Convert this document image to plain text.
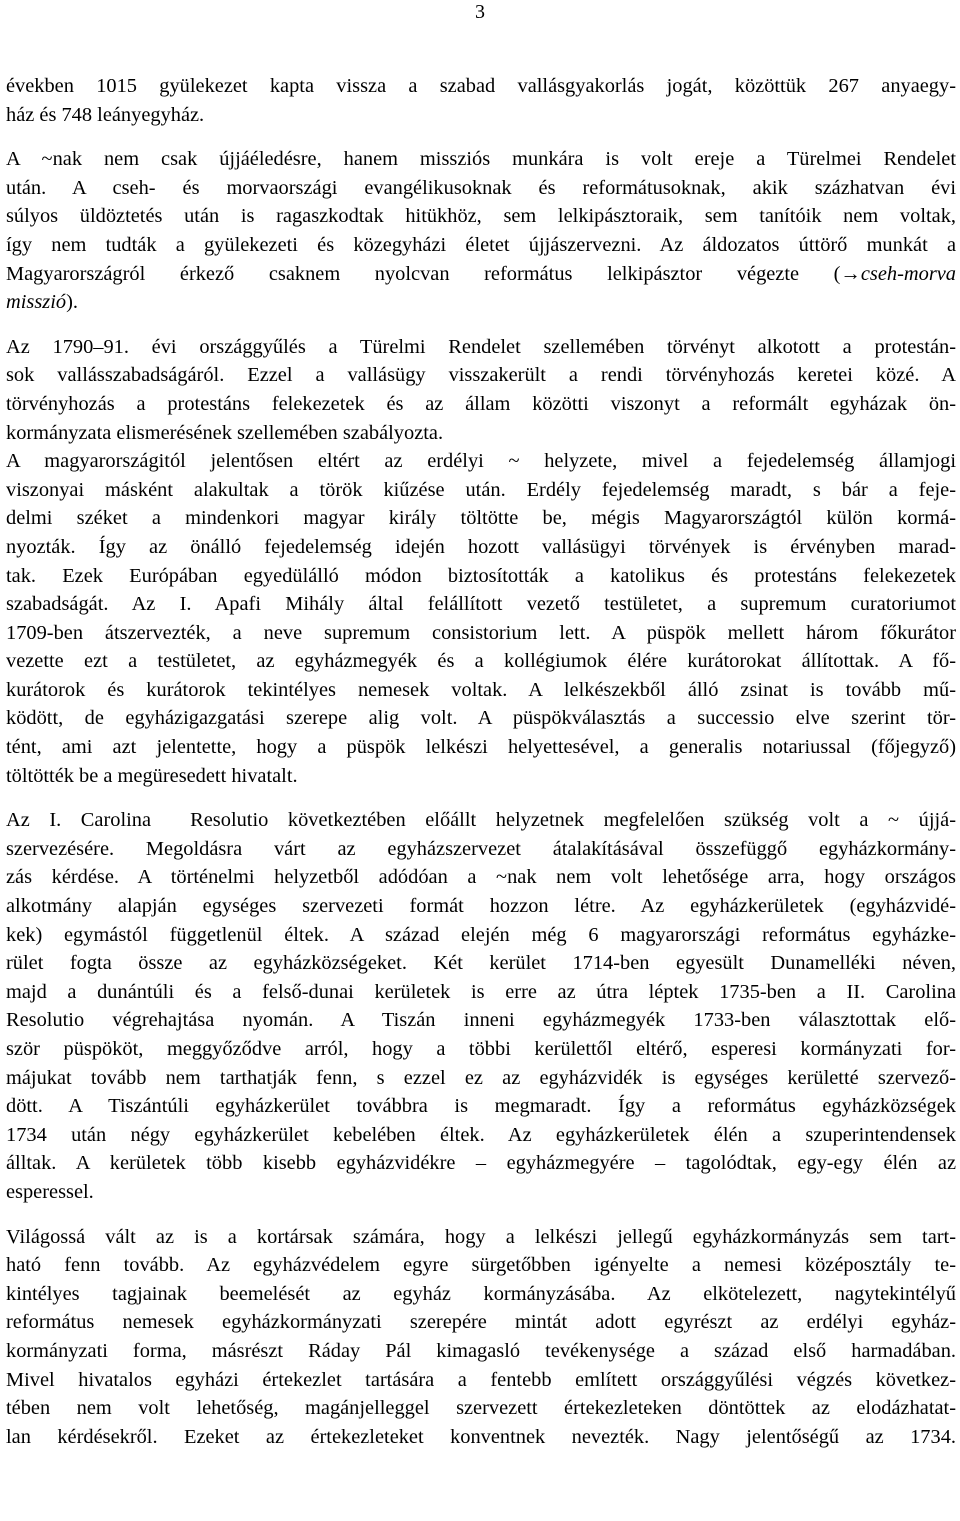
3

években 1015 gyülekezet kapta vissza a szabad vallásgyakorlás jogát, közöttük 267 anyaegy-
ház és 748 leányegyház.

A ~nak nem csak újjáéledésre, hanem missziós munkára is volt ereje a Türelmei Rendelet
után. A cseh- és morvaországi evangélikusoknak és reformátusoknak, akik százhatvan évi
súlyos üldöztetés után is ragaszkodtak hitükhöz, sem lelkipásztoraik, sem tanítóik nem voltak,
így nem tudták a gyülekezeti és közegyházi életet újjászervezni. Az áldozatos úttörő munkát a
Magyarországról érkező csaknem nyolcvan református lelkipásztor végezte (→cseh-morva
misszió).

Az 1790–91. évi országgyűlés a Türelmi Rendelet szellemében törvényt alkotott a protestán-
sok vallásszabadságáról. Ezzel a vallásügy visszakerült a rendi törvényhozás keretei közé. A
törvényhozás a protestáns felekezetek és az állam közötti viszonyt a reformált egyházak ön-
kormányzata elismerésének szellemében szabályozta.
A magyarországitól jelentősen eltért az erdélyi ~ helyzete, mivel a fejedelemség államjogi
viszonyai másként alakultak a török kiűzése után. Erdély fejedelemség maradt, s bár a feje-
delmi széket a mindenkori magyar király töltötte be, mégis Magyarországtól külön kormá-
nyozták. Így az önálló fejedelemség idején hozott vallásügyi törvények is érvényben marad-
tak. Ezek Európában egyedülálló módon biztosították a katolikus és protestáns felekezetek
szabadságát. Az I. Apafi Mihály által felállított vezető testületet, a supremum curatoriumot
1709-ben átszervezték, a neve supremum consistorium lett. A püspök mellett három főkurátor
vezette ezt a testületet, az egyházmegyék és a kollégiumok élére kurátorokat állítottak. A fő-
kurátorok és kurátorok tekintélyes nemesek voltak. A lelkészekből álló zsinat is tovább mű-
ködött, de egyházigazgatási szerepe alig volt. A püspökválasztás a successio elve szerint tör-
tént, ami azt jelentette, hogy a püspök lelkészi helyettesével, a generalis notariussal (főjegyző)
töltötték be a megüresedett hivatalt.

Az I. Carolina  Resolutio következtében előállt helyzetnek megfelelően szükség volt a ~ újjá-
szervezésére. Megoldásra várt az egyházszervezet átalakításával összefüggő egyházkormány-
zás kérdése. A történelmi helyzetből adódóan a ~nak nem volt lehetősége arra, hogy országos
alkotmány alapján egységes szervezeti formát hozzon létre. Az egyházkerületek (egyházvidé-
kek) egymástól függetlenül éltek. A század elején még 6 magyarországi református egyházke-
rület fogta össze az egyházközségeket. Két kerület 1714-ben egyesült Dunamelléki néven,
majd a dunántúli és a felső-dunai kerületek is erre az útra léptek 1735-ben a II. Carolina
Resolutio végrehajtása nyomán. A Tiszán inneni egyházmegyék 1733-ben választottak elő-
ször püspököt, meggyőződve arról, hogy a többi kerülettől eltérő, esperesi kormányzati for-
májukat tovább nem tarthatják fenn, s ezzel ez az egyházvidék is egységes kerületté szervező-
dött. A Tiszántúli egyházkerület továbbra is megmaradt. Így a református egyházközségek
1734 után négy egyházkerület kebelében éltek. Az egyházkerületek élén a szuperintendensek
álltak. A kerületek több kisebb egyházvidékre – egyházmegyére – tagolódtak, egy-egy élén az
esperessel.

Világossá vált az is a kortársak számára, hogy a lelkészi jellegű egyházkormányzás sem tart-
ható fenn tovább. Az egyházvédelem egyre sürgetőbben igényelte a nemesi középosztály te-
kintélyes tagjainak beemelését az egyház kormányzásába. Az elkötelezett, nagytekintélyű
református nemesek egyházkormányzati szerepére mintát adott egyrészt az erdélyi egyház-
kormányzati forma, másrészt Ráday Pál kimagasló tevékenysége a század első harmadában.
Mivel hivatalos egyházi értekezlet tartására a fentebb említett országgyűlési végzés következ-
tében nem volt lehetőség, magánjelleggel szervezett értekezleteken döntöttek az elodázhatat-
lan kérdésekről. Ezeket az értekezleteket konventnek nevezték. Nagy jelentőségű az 1734.
